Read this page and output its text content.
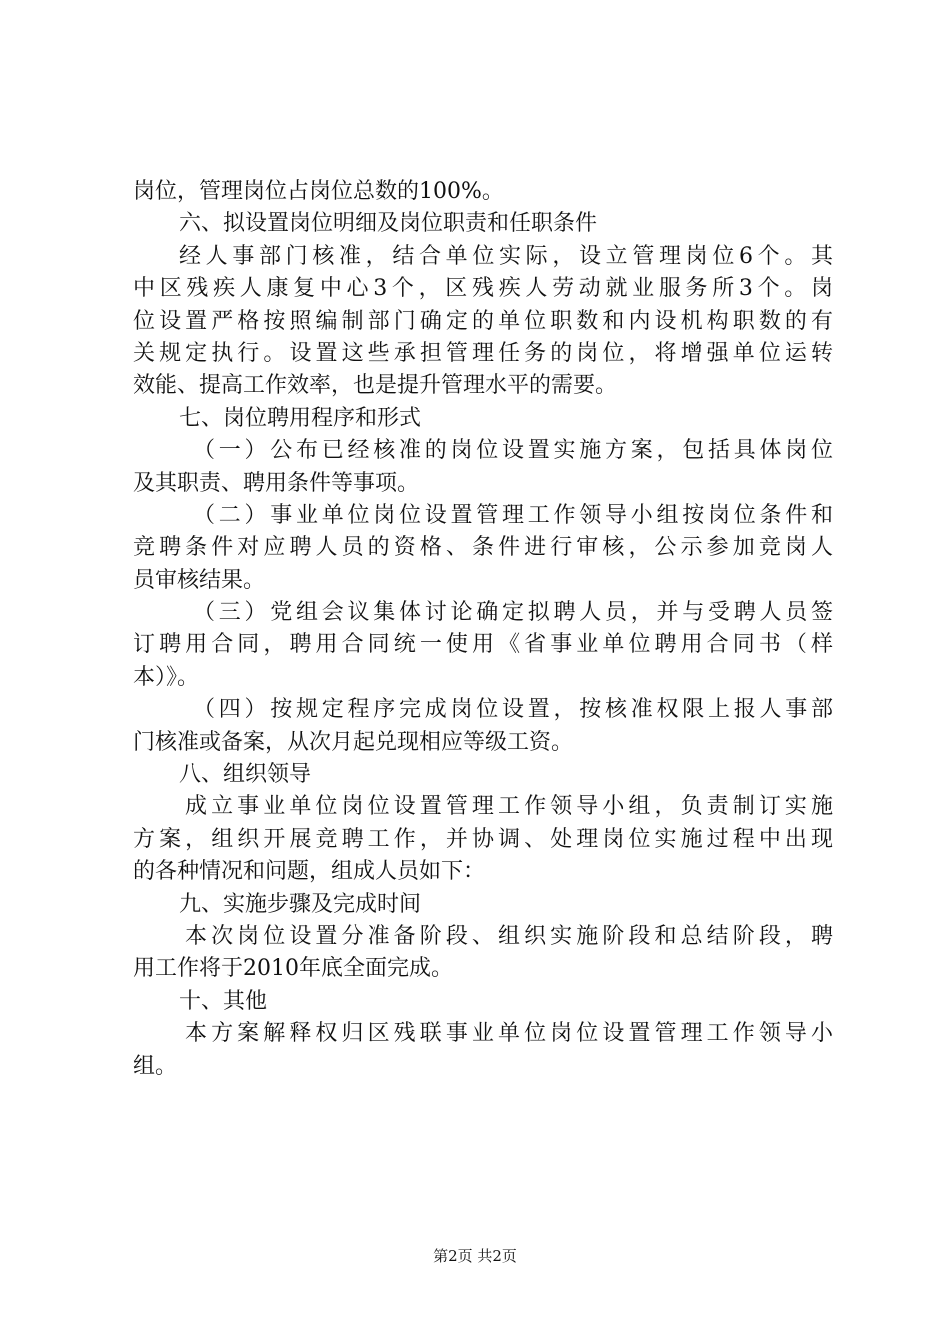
岗位，管理岗位占岗位总数的100%。
六、拟设置岗位明细及岗位职责和任职条件
经人事部门核准，结合单位实际，设立管理岗位6个。其
中区残疾人康复中心3个，区残疾人劳动就业服务所3个。岗
位设置严格按照编制部门确定的单位职数和内设机构职数的有
关规定执行。设置这些承担管理任务的岗位，将增强单位运转
效能、提高工作效率，也是提升管理水平的需要。
七、岗位聘用程序和形式
（一）公布已经核准的岗位设置实施方案，包括具体岗位
及其职责、聘用条件等事项。
（二）事业单位岗位设置管理工作领导小组按岗位条件和
竞聘条件对应聘人员的资格、条件进行审核，公示参加竞岗人
员审核结果。
（三）党组会议集体讨论确定拟聘人员，并与受聘人员签
订聘用合同，聘用合同统一使用《省事业单位聘用合同书（样
本）》。
（四）按规定程序完成岗位设置，按核准权限上报人事部
门核准或备案，从次月起兑现相应等级工资。
八、组织领导
成立事业单位岗位设置管理工作领导小组，负责制订实施
方案，组织开展竞聘工作，并协调、处理岗位实施过程中出现
的各种情况和问题，组成人员如下：
九、实施步骤及完成时间
本次岗位设置分准备阶段、组织实施阶段和总结阶段，聘
用工作将于2010年底全面完成。
十、其他
本方案解释权归区残联事业单位岗位设置管理工作领导小
组。
第2页 共2页
